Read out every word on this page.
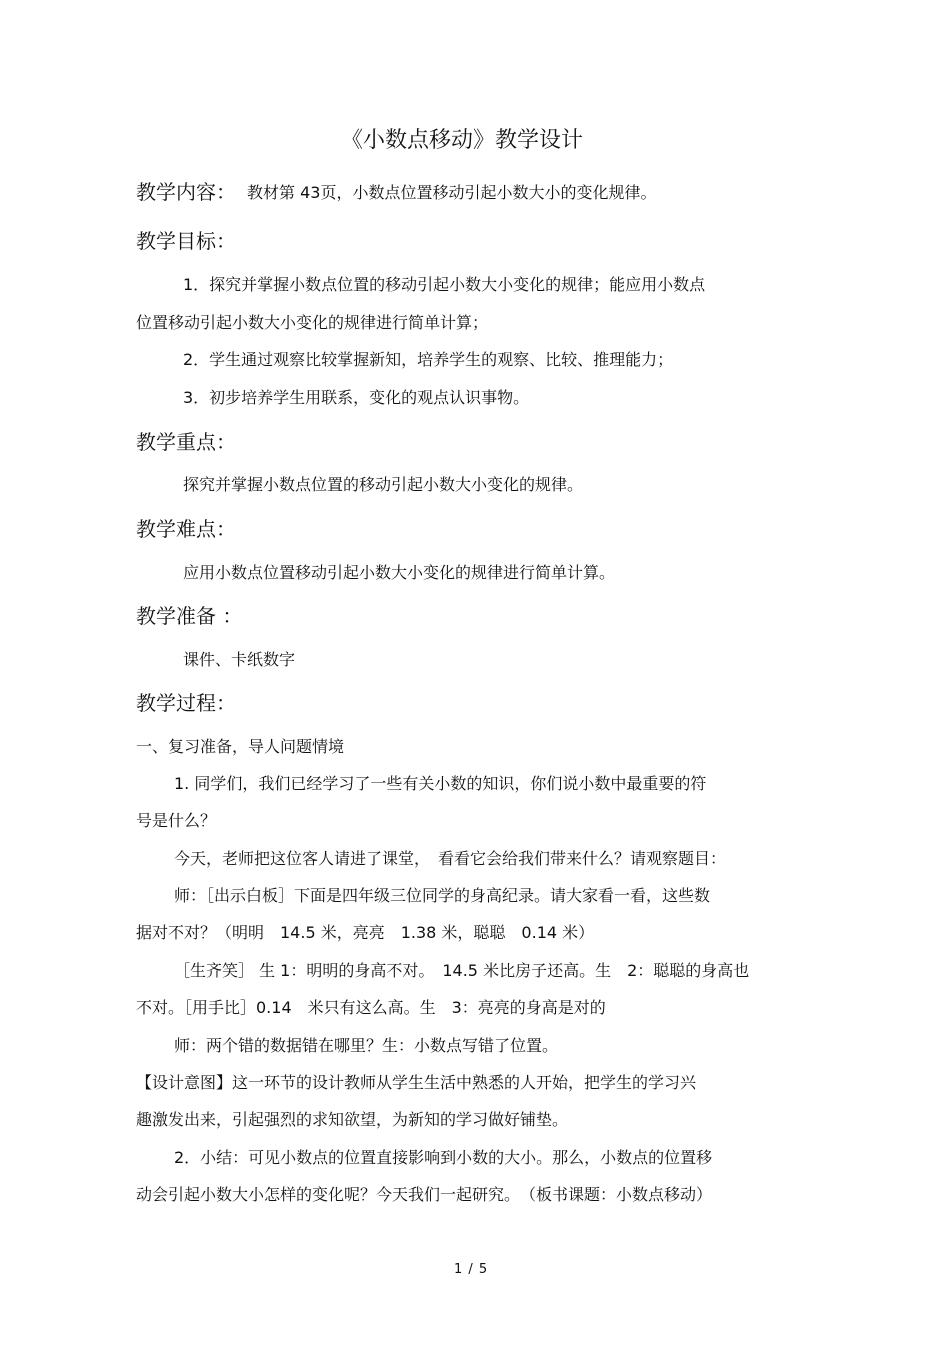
《小数点移动》教学设计
教学内容： 教材第 43页，小数点位置移动引起小数大小的变化规律。
教学目标：
1．探究并掌握小数点位置的移动引起小数大小变化的规律；能应用小数点
位置移动引起小数大小变化的规律进行简单计算；
2．学生通过观察比较掌握新知，培养学生的观察、比较、推理能力；
3．初步培养学生用联系，变化的观点认识事物。
教学重点：
探究并掌握小数点位置的移动引起小数大小变化的规律。
教学难点：
应用小数点位置移动引起小数大小变化的规律进行简单计算。
教学准备 ：
课件、卡纸数字
教学过程：
一、复习准备，导人问题情境
1. 同学们，我们已经学习了一些有关小数的知识，你们说小数中最重要的符
号是什么？
今天，老师把这位客人请进了课堂，　看看它会给我们带来什么？请观察题目：
师：［出示白板］下面是四年级三位同学的身高纪录。请大家看一看，这些数
据对不对？（明明　14.5 米，亮亮　1.38 米，聪聪　0.14 米）
［生齐笑］ 生 1：明明的身高不对。　14.5 米比房子还高。生　2：聪聪的身高也
不对。［用手比］0.14　米只有这么高。生　3：亮亮的身高是对的
师：两个错的数据错在哪里？生：小数点写错了位置。
【设计意图】这一环节的设计教师从学生生活中熟悉的人开始，把学生的学习兴
趣激发出来，引起强烈的求知欲望，为新知的学习做好铺垫。
2．小结：可见小数点的位置直接影响到小数的大小。那么，小数点的位置移
动会引起小数大小怎样的变化呢？今天我们一起研究。　（板书课题：小数点移动）
1 / 5
